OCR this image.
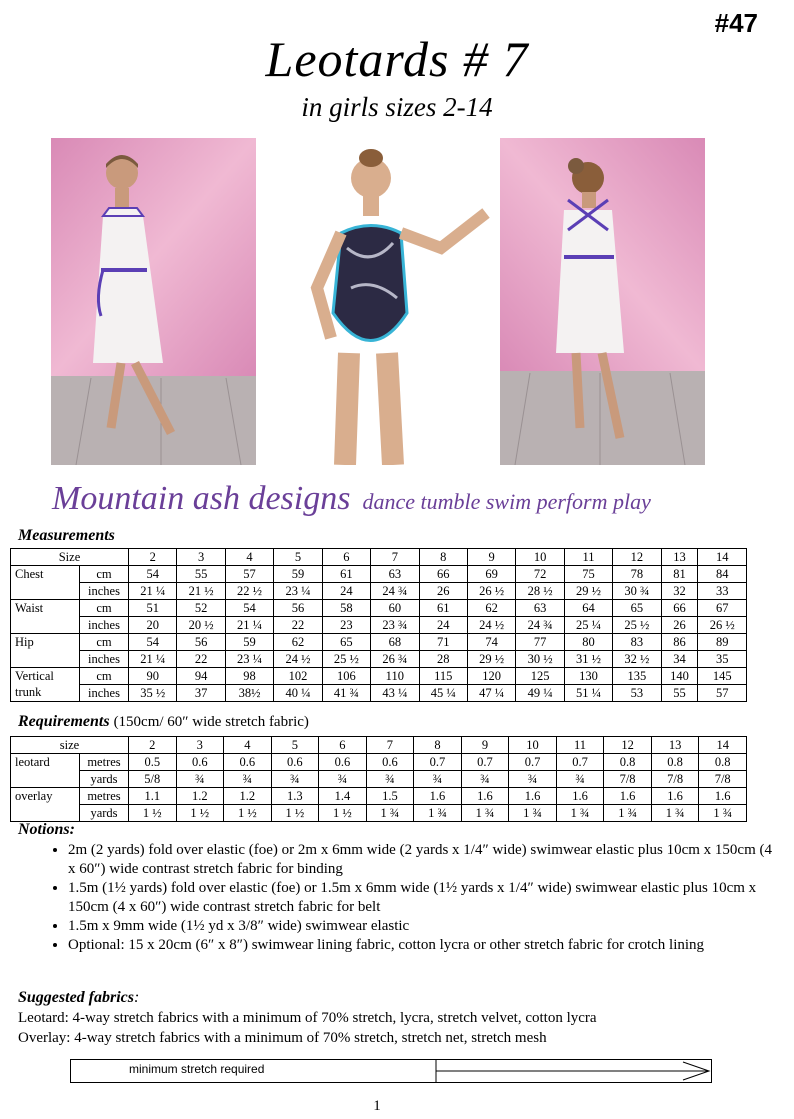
#47
Leotards # 7
in girls sizes 2-14
Mountain ash designs dance tumble swim perform play
Measurements
Size		2	3	4	5	6	7	8	9	10	11	12	13	14

Chest	cm	54	55	57	59	61	63	66	69	72	75	78	81	84
	inches	21 ¼	21 ½	22 ½	23 ¼	24	24 ¾	26	26 ½	28 ½	29 ½	30 ¾	32	33

Waist	cm	51	52	54	56	58	60	61	62	63	64	65	66	67
	inches	20	20 ½	21 ¼	22	23	23 ¾	24	24 ½	24 ¾	25 ¼	25 ½	26	26 ½

Hip	cm	54	56	59	62	65	68	71	74	77	80	83	86	89
	inches	21 ¼	22	23 ¼	24 ½	25 ½	26 ¾	28	29 ½	30 ½	31 ½	32 ½	34	35

Vertical
trunk	cm	90	94	98	102	106	110	115	120	125	130	135	140	145
	inches	35 ½	37	38½	40 ¼	41 ¾	43 ¼	45 ¼	47 ¼	49 ¼	51 ¼	53	55	57
Requirements (150cm/ 60″ wide stretch fabric)
size		2	3	4	5	6	7	8	9	10	11	12	13	14

leotard	metres	0.5	0.6	0.6	0.6	0.6	0.6	0.7	0.7	0.7	0.7	0.8	0.8	0.8
	yards	5/8	¾	¾	¾	¾	¾	¾	¾	¾	¾	7/8	7/8	7/8

overlay	metres	1.1	1.2	1.2	1.3	1.4	1.5	1.6	1.6	1.6	1.6	1.6	1.6	1.6
	yards	1 ½	1 ½	1 ½	1 ½	1 ½	1 ¾	1 ¾	1 ¾	1 ¾	1 ¾	1 ¾	1 ¾	1 ¾
Notions:
• 2m (2 yards) fold over elastic (foe) or 2m x 6mm wide (2 yards x 1/4″ wide) swimwear elastic plus 10cm x 150cm (4 x 60″) wide contrast stretch fabric for binding
• 1.5m (1½ yards) fold over elastic (foe) or 1.5m x 6mm wide (1½ yards x 1/4″ wide) swimwear elastic plus 10cm x 150cm (4 x 60″) wide contrast stretch fabric for belt
• 1.5m x 9mm wide (1½ yd x 3/8″ wide) swimwear elastic
• Optional: 15 x 20cm (6″ x 8″) swimwear lining fabric, cotton lycra or other stretch fabric for crotch lining
Suggested fabrics:
Leotard: 4-way stretch fabrics with a minimum of 70% stretch, lycra, stretch velvet, cotton lycra
Overlay: 4-way stretch fabrics with a minimum of 70% stretch, stretch net, stretch mesh
minimum stretch required
1
